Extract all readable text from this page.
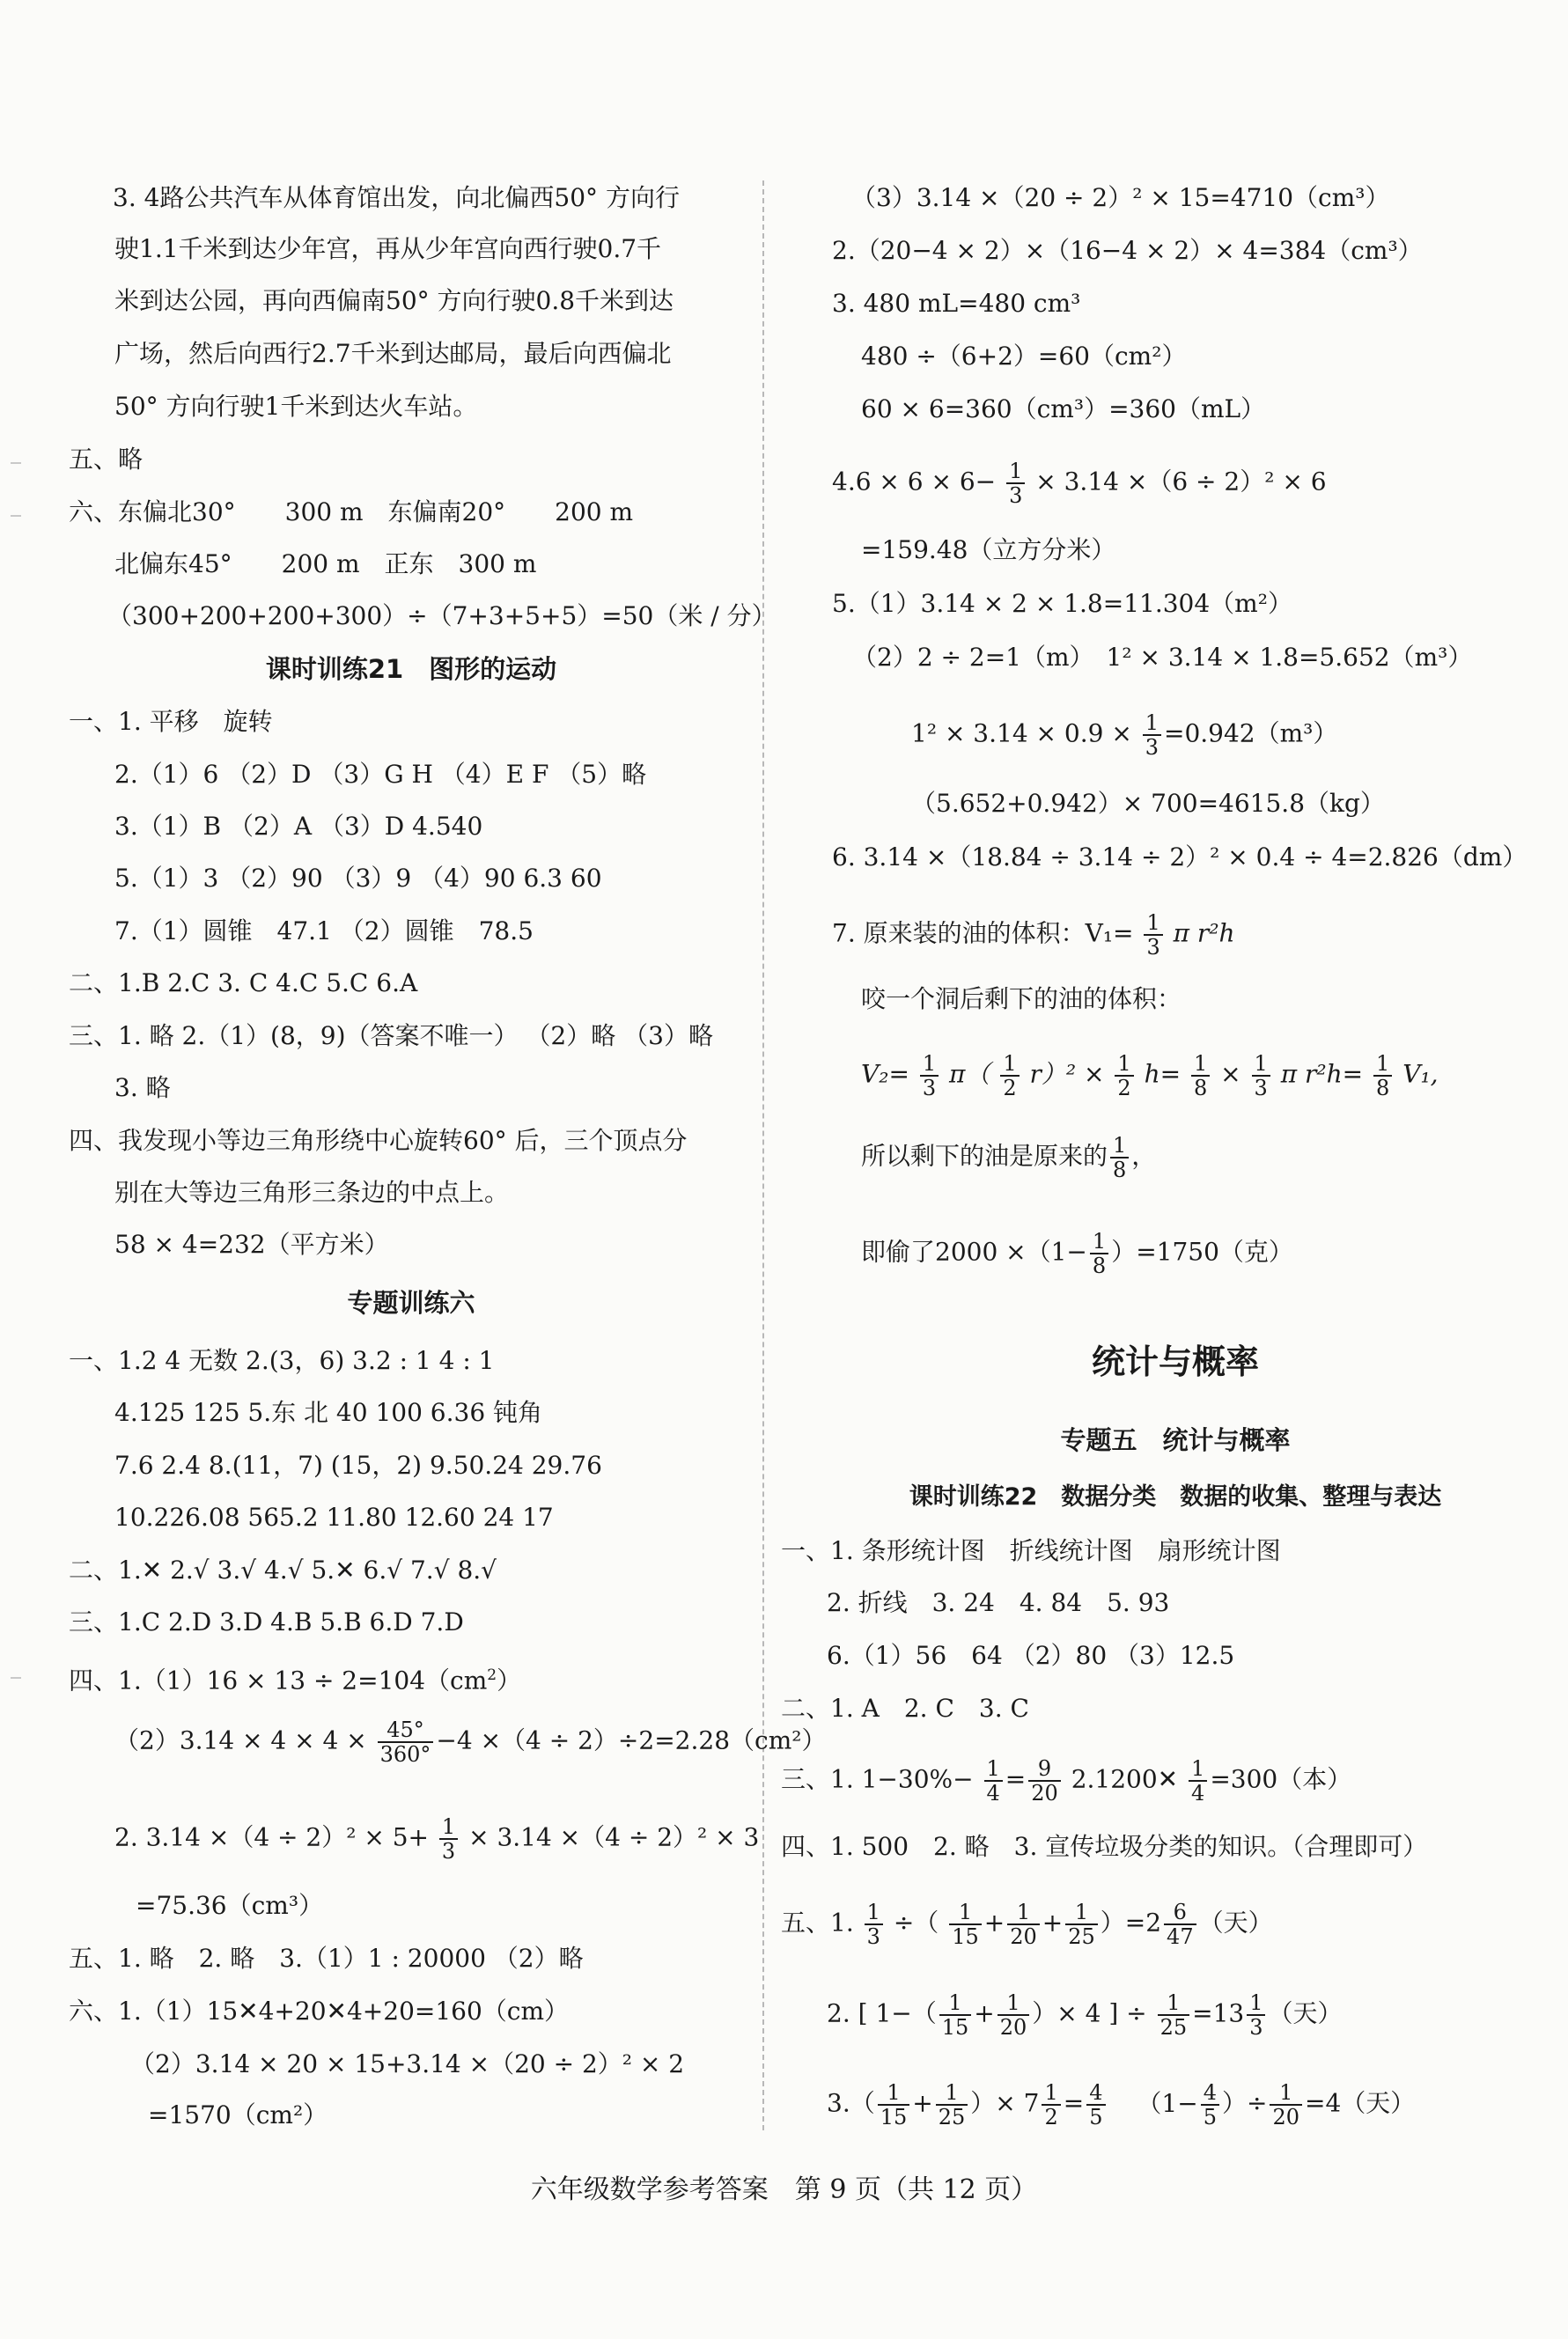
3. 4路公共汽车从体育馆出发，向北偏西50° 方向行
驶1.1千米到达少年宫，再从少年宫向西行驶0.7千
米到达公园，再向西偏南50° 方向行驶0.8千米到达
广场，然后向西行2.7千米到达邮局，最后向西偏北
50° 方向行驶1千米到达火车站。
五、略
六、东偏北30°　　300 m　东偏南20°　　200 m
北偏东45°　　200 m　正东　300 m
（300+200+200+300）÷（7+3+5+5）=50（米 / 分）
课时训练21　图形的运动
一、1. 平移　旋转
2.（1）6 （2）D （3）G H （4）E F （5）略
3.（1）B （2）A （3）D 4.540
5.（1）3 （2）90 （3）9 （4）90 6.3 60
7.（1）圆锥　47.1 （2）圆锥　78.5
二、1.B 2.C 3. C 4.C 5.C 6.A
三、1. 略 2.（1）(8，9)（答案不唯一） （2）略 （3）略
3. 略
四、我发现小等边三角形绕中心旋转60° 后，三个顶点分
别在大等边三角形三条边的中点上。
58 × 4=232（平方米）
专题训练六
一、1.2 4 无数 2.(3，6) 3.2 : 1 4 : 1
4.125 125 5.东 北 40 100 6.36 钝角
7.6 2.4 8.(11，7) (15，2) 9.50.24 29.76
10.226.08 565.2 11.80 12.60 24 17
二、1.✕ 2.√ 3.√ 4.√ 5.✕ 6.√ 7.√ 8.√
三、1.C 2.D 3.D 4.B 5.B 6.D 7.D
四、$1.(1)16 \times 13 \div 2=104(cm^2)$
$(2)3.14 \times 4 \times 4 \times \frac{45^\circ}{360^\circ} -4 \times(4 \div 2)\div 2=2.28(cm^2)$
2. $3.14 \times(4 \div 2)^2 \times 5+ \frac{1}{3} \times 3.14 \times(4 \div 2)^2 \times 3$
=75.36（cm³）
五、1. 略　2. 略　3.（1）1 : 20000 （2）略
六、1.（1）15✕4+20✕4+20=160（cm）
（2）3.14 × 20 × 15+3.14 ×（20 ÷ 2）² × 2
=1570（cm²）
（3）3.14 ×（20 ÷ 2）² × 15=4710（cm³）
2.（20−4 × 2）×（16−4 × 2）× 4=384（cm³）
3. 480 mL=480 cm³
480 ÷（6+2）=60（cm²）
60 × 6=360（cm³）=360（mL）
$4.6 \times 6 \times 6- \frac{1}{3} \times 3.14 \times(6 \div 2)^2 \times 6$
=159.48（立方分米）
5.（1）3.14 × 2 × 1.8=11.304（m²）
（2）2 ÷ 2=1（m）　1² × 3.14 × 1.8=5.652（m³）
$1^2 \times 3.14 \times 0.9 \times \frac{1}{3} =0.942(m^3)$
（5.652+0.942）× 700=4615.8（kg）
6. 3.14 ×（18.84 ÷ 3.14 ÷ 2）² × 0.4 ÷ 4=2.826（dm）
7. 原来装的油的体积：$V_1= \frac{1}{3}$ π r²h
咬一个洞后剩下的油的体积：
$V_2= \frac{1}{3} \pi( \frac{1}{2} r)^2 \times \frac{1}{2} h= \frac{1}{8} \times \frac{1}{3}$ π $r^2h= \frac{1}{8} V_1$,
所以剩下的油是原来的 $\frac{1}{8}$ ，
即偷了$2000 \times(1- \frac{1}{8} )=1750$（克）
统计与概率
专题五　统计与概率
课时训练22　数据分类　数据的收集、整理与表达
一、1. 条形统计图　折线统计图　扇形统计图
2. 折线　3. 24　4. 84　5. 93
6.（1）56　64 （2）80 （3）12.5
二、1. A　2. C　3. C
三、1. $1-30\%- \frac{1}{4} = \frac{9}{20}$ 2.1200✕ $\frac{1}{4} =300$（本）
四、1. 500　2. 略　3. 宣传垃圾分类的知识。（合理即可）
五、1. $\frac{1}{3}$ ÷（ $\frac{1}{15} + \frac{1}{20} + \frac{1}{25} )=2 \frac{6}{47}$ （天）
2. [ $1-( \frac{1}{15} + \frac{1}{20}$ ）× 4 ] ÷ $\frac{1}{25} =13 \frac{1}{3}$ （天）
$3.( \frac{1}{15} + \frac{1}{25}$ ）× $7 \frac{1}{2} = \frac{4}{5} (1- \frac{4}{5}$ ）÷ $\frac{1}{20} =4$（天）
六年级数学参考答案　第 9 页（共 12 页）
